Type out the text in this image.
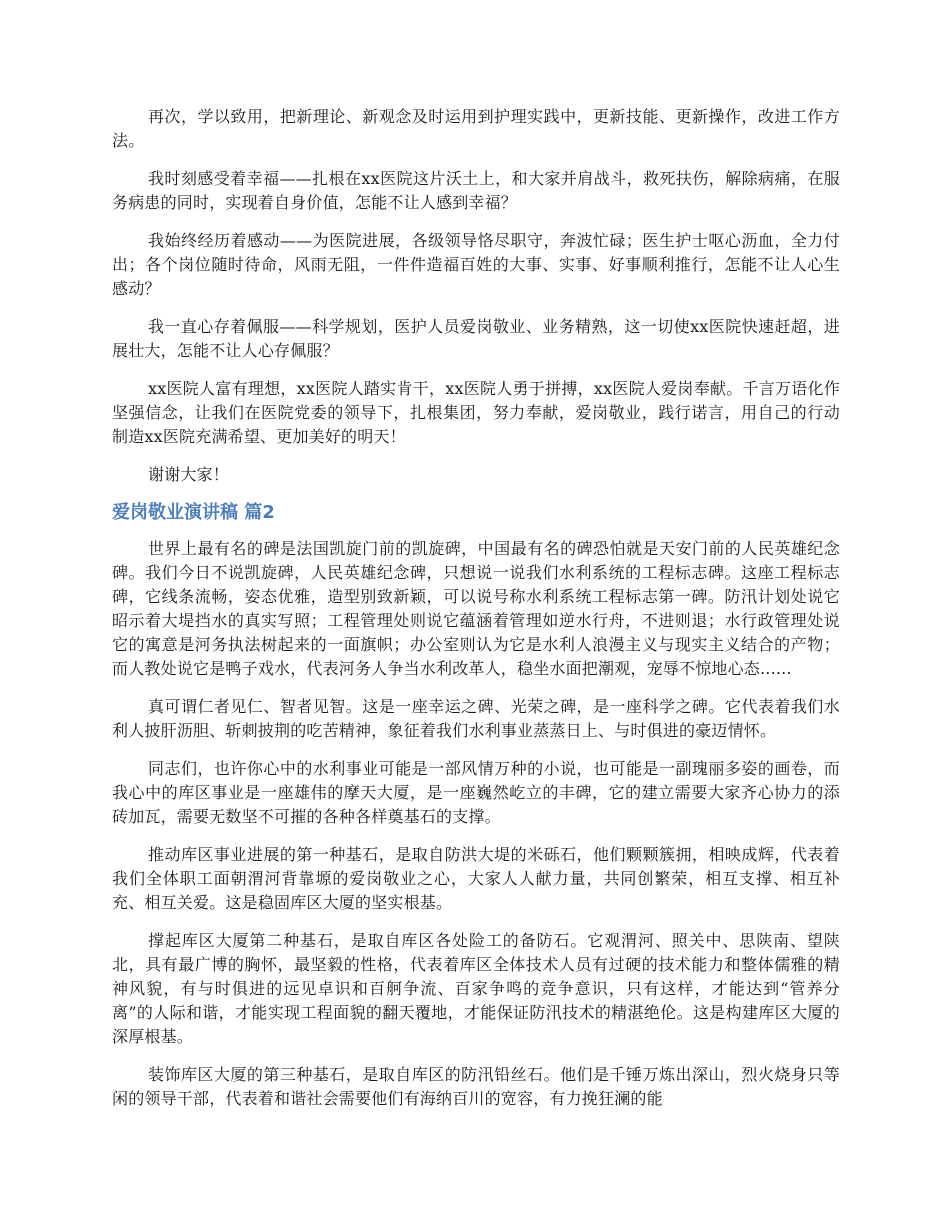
再次，学以致用，把新理论、新观念及时运用到护理实践中，更新技能、更新操作，改进工作方法。

我时刻感受着幸福——扎根在xx医院这片沃土上，和大家并肩战斗，救死扶伤，解除病痛，在服务病患的同时，实现着自身价值，怎能不让人感到幸福？

我始终经历着感动——为医院进展，各级领导恪尽职守，奔波忙碌；医生护士呕心沥血，全力付出；各个岗位随时待命，风雨无阻，一件件造福百姓的大事、实事、好事顺利推行，怎能不让人心生感动？

我一直心存着佩服——科学规划，医护人员爱岗敬业、业务精熟，这一切使xx医院快速赶超，进展壮大，怎能不让人心存佩服？

xx医院人富有理想，xx医院人踏实肯干，xx医院人勇于拼搏，xx医院人爱岗奉献。千言万语化作坚强信念，让我们在医院党委的领导下，扎根集团，努力奉献，爱岗敬业，践行诺言，用自己的行动制造xx医院充满希望、更加美好的明天！

谢谢大家！

爱岗敬业演讲稿 篇2

世界上最有名的碑是法国凯旋门前的凯旋碑，中国最有名的碑恐怕就是天安门前的人民英雄纪念碑。我们今日不说凯旋碑，人民英雄纪念碑，只想说一说我们水利系统的工程标志碑。这座工程标志碑，它线条流畅，姿态优雅，造型别致新颖，可以说号称水利系统工程标志第一碑。防汛计划处说它昭示着大堤挡水的真实写照；工程管理处则说它蕴涵着管理如逆水行舟，不进则退；水行政管理处说它的寓意是河务执法树起来的一面旗帜；办公室则认为它是水利人浪漫主义与现实主义结合的产物；而人教处说它是鸭子戏水，代表河务人争当水利改革人，稳坐水面把潮观，宠辱不惊地心态......

真可谓仁者见仁、智者见智。这是一座幸运之碑、光荣之碑，是一座科学之碑。它代表着我们水利人披肝沥胆、斩刺披荆的吃苦精神，象征着我们水利事业蒸蒸日上、与时俱进的豪迈情怀。

同志们，也许你心中的水利事业可能是一部风情万种的小说，也可能是一副瑰丽多姿的画卷，而我心中的库区事业是一座雄伟的摩天大厦，是一座巍然屹立的丰碑，它的建立需要大家齐心协力的添砖加瓦，需要无数坚不可摧的各种各样奠基石的支撑。

推动库区事业进展的第一种基石，是取自防洪大堤的米砾石，他们颗颗簇拥，相映成辉，代表着我们全体职工面朝渭河背靠塬的爱岗敬业之心，大家人人献力量，共同创繁荣，相互支撑、相互补充、相互关爱。这是稳固库区大厦的坚实根基。

撑起库区大厦第二种基石，是取自库区各处险工的备防石。它观渭河、照关中、思陕南、望陕北，具有最广博的胸怀，最坚毅的性格，代表着库区全体技术人员有过硬的技术能力和整体儒雅的精神风貌，有与时俱进的远见卓识和百舸争流、百家争鸣的竞争意识，只有这样，才能达到“管养分离”的人际和谐，才能实现工程面貌的翻天覆地，才能保证防汛技术的精湛绝伦。这是构建库区大厦的深厚根基。

装饰库区大厦的第三种基石，是取自库区的防汛铅丝石。他们是千锤万炼出深山，烈火烧身只等闲的领导干部，代表着和谐社会需要他们有海纳百川的宽容，有力挽狂澜的能
